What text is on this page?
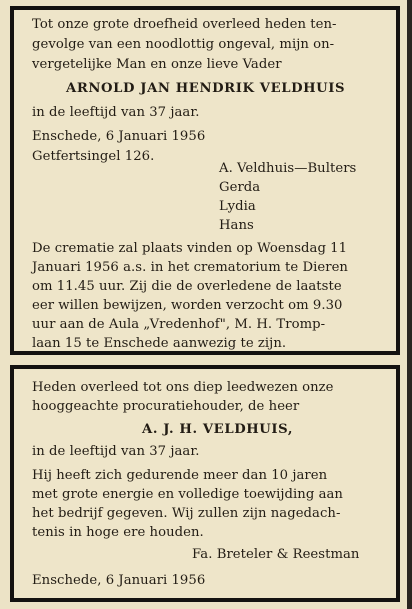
Tot onze grote droefheid overleed heden ten-
gevolge van een noodlottig ongeval, mijn on-
vergetelijke Man en onze lieve Vader
ARNOLD JAN HENDRIK VELDHUIS
in de leeftijd van 37 jaar.
Enschede, 6 Januari 1956
Getfertsingel 126.
A. Veldhuis—Bulters
Gerda
Lydia
Hans
De crematie zal plaats vinden op Woensdag 11
Januari 1956 a.s. in het crematorium te Dieren
om 11.45 uur. Zij die de overledene de laatste
eer willen bewijzen, worden verzocht om 9.30
uur aan de Aula „Vredenhof", M. H. Tromp-
laan 15 te Enschede aanwezig te zijn.
Heden overleed tot ons diep leedwezen onze
hooggeachte procuratiehouder, de heer
A. J. H. VELDHUIS,
in de leeftijd van 37 jaar.
Hij heeft zich gedurende meer dan 10 jaren
met grote energie en volledige toewijding aan
het bedrijf gegeven. Wij zullen zijn nagedach-
tenis in hoge ere houden.
Fa. Breteler & Reestman
Enschede, 6 Januari 1956
